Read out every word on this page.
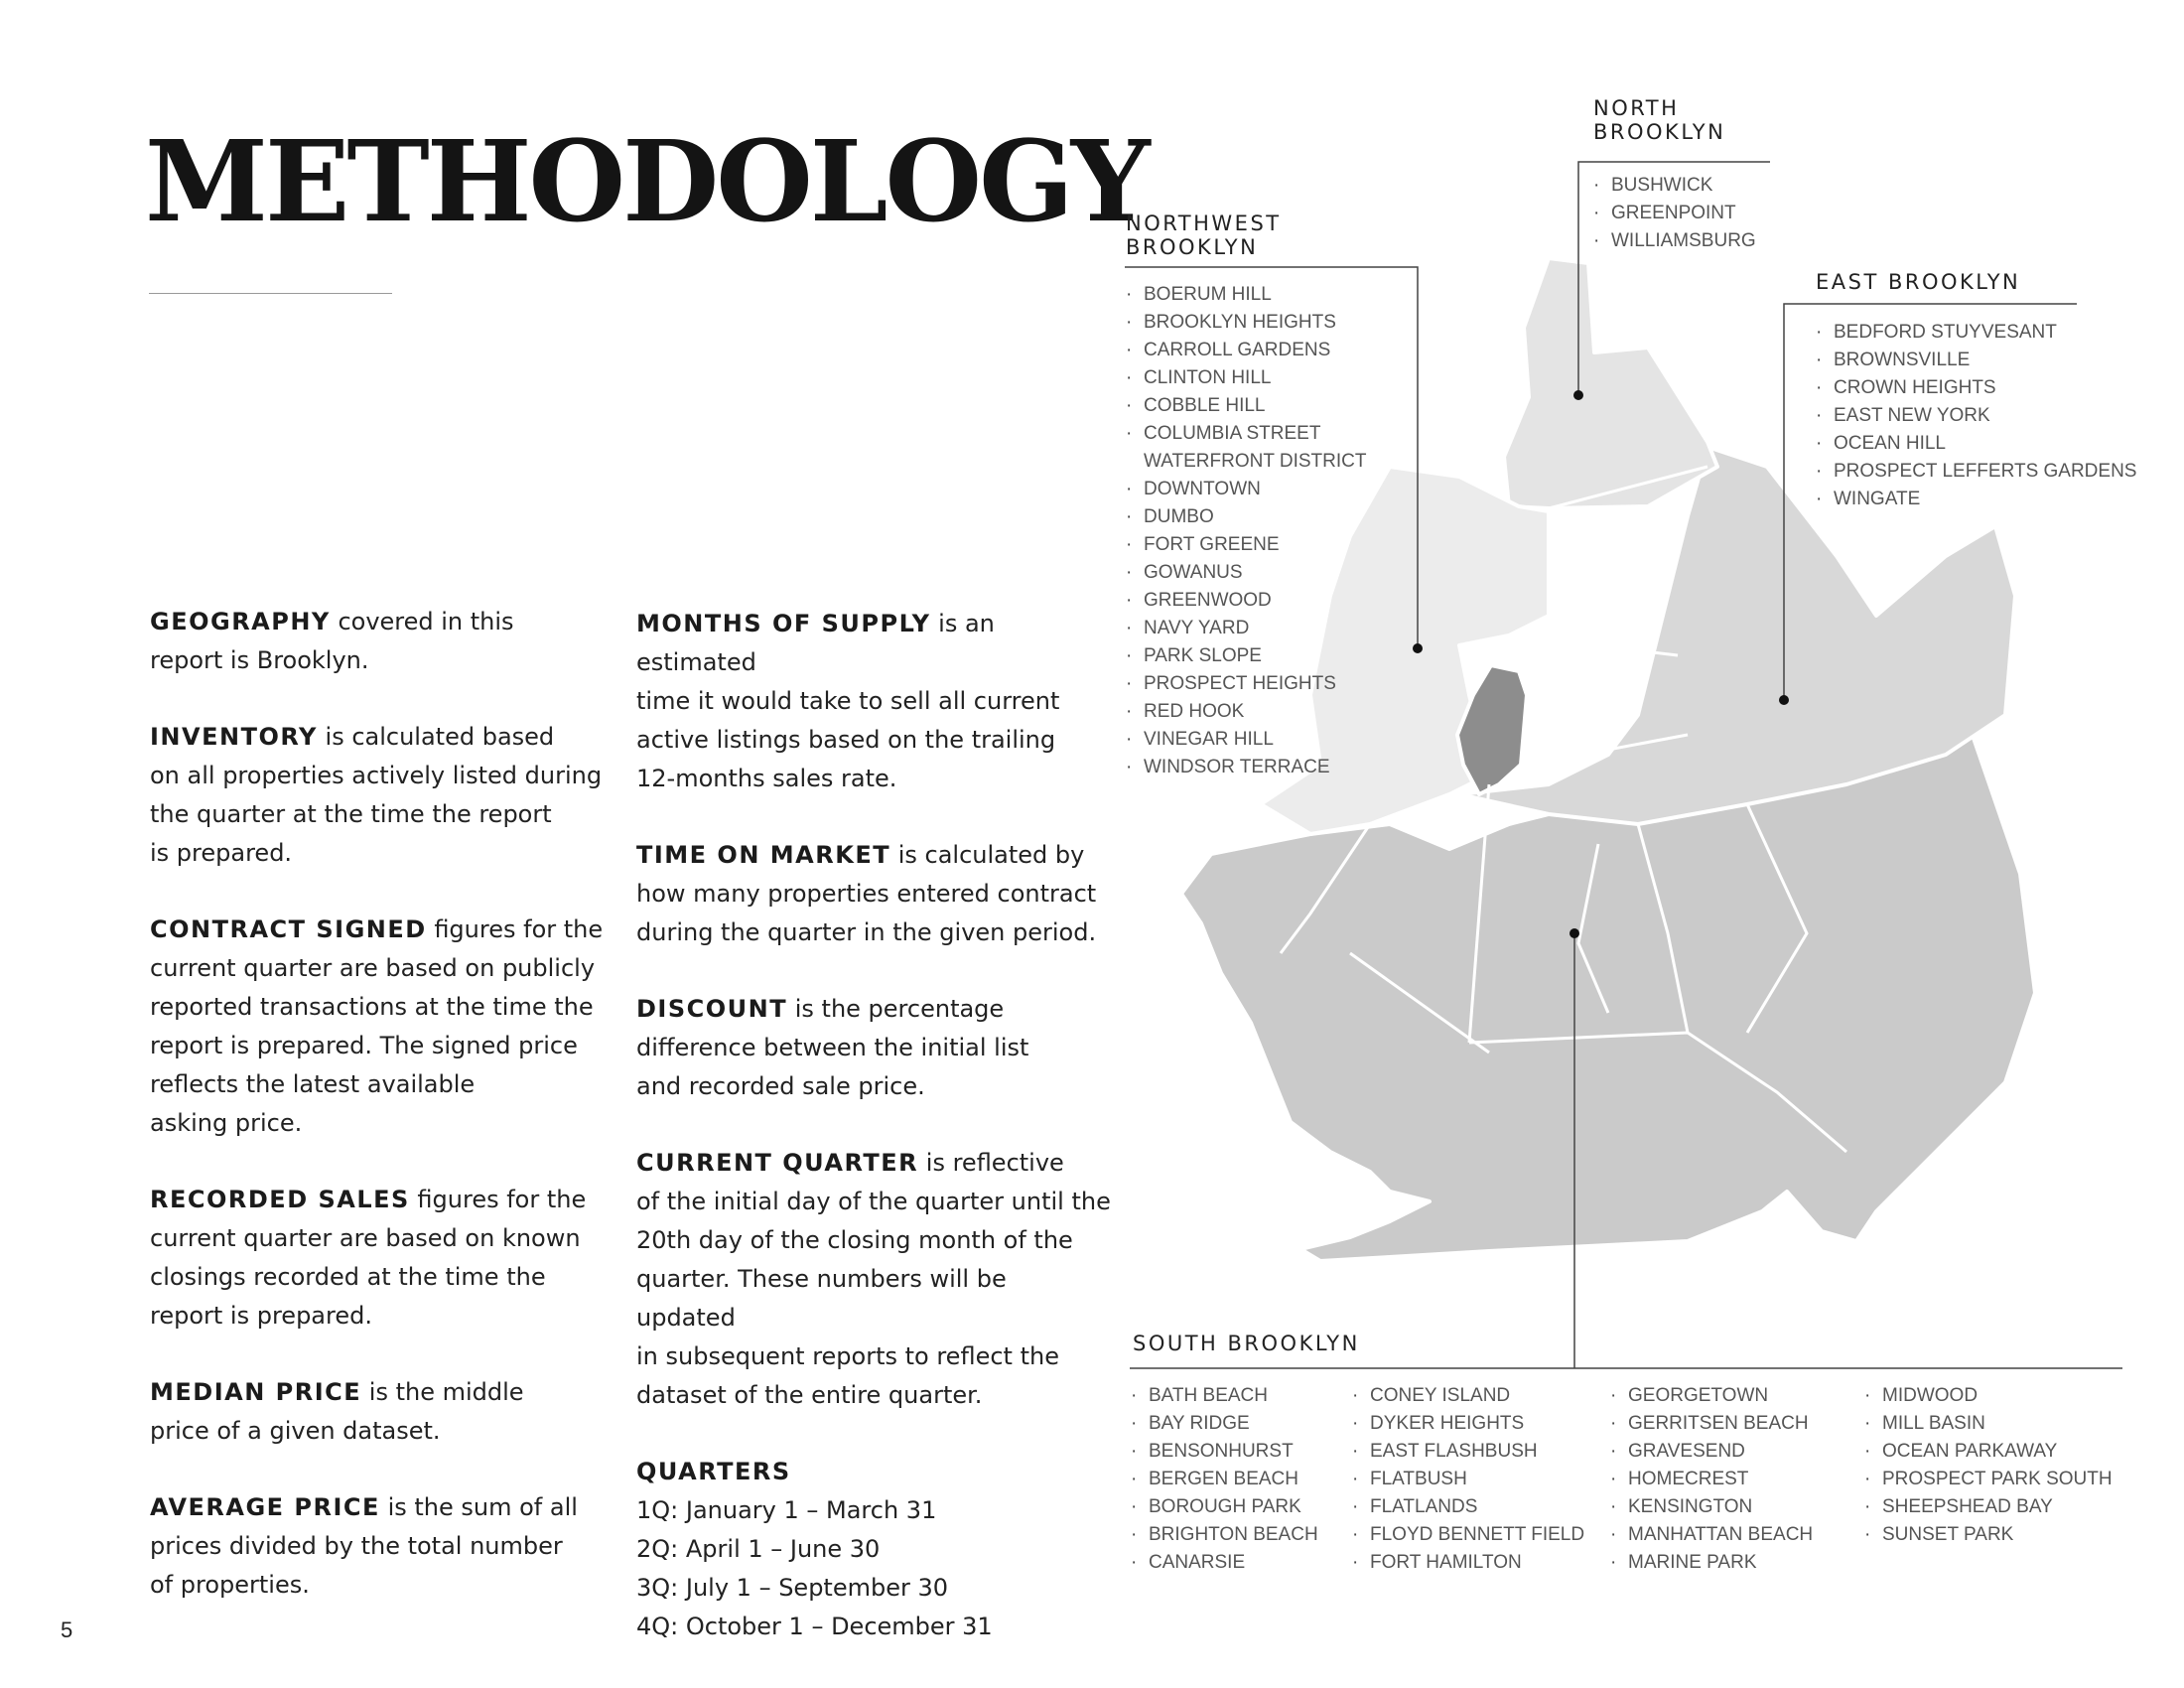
METHODOLOGY
GEOGRAPHY covered in this
report is Brooklyn.
INVENTORY is calculated based
on all properties actively listed during
the quarter at the time the report
is prepared.
CONTRACT SIGNED figures for the
current quarter are based on publicly
reported transactions at the time the
report is prepared. The signed price
reflects the latest available
asking price.
RECORDED SALES figures for the
current quarter are based on known
closings recorded at the time the
report is prepared.
MEDIAN PRICE is the middle
price of a given dataset.
AVERAGE PRICE is the sum of all
prices divided by the total number
of properties.
MONTHS OF SUPPLY is an estimated
time it would take to sell all current
active listings based on the trailing
12-months sales rate.
TIME ON MARKET is calculated by
how many properties entered contract
during the quarter in the given period.
DISCOUNT is the percentage
difference between the initial list
and recorded sale price.
CURRENT QUARTER is reflective
of the initial day of the quarter until the
20th day of the closing month of the
quarter. These numbers will be updated
in subsequent reports to reflect the
dataset of the entire quarter.
QUARTERS
1Q: January 1 – March 31
2Q: April 1 – June 30
3Q: July 1 – September 30
4Q: October 1 – December 31
NORTH
BROOKLYN
NORTHWEST
BROOKLYN
EAST BROOKLYN
SOUTH BROOKLYN
· BUSHWICK
· GREENPOINT
· WILLIAMSBURG
· BOERUM HILL
· BROOKLYN HEIGHTS
· CARROLL GARDENS
· CLINTON HILL
· COBBLE HILL
· COLUMBIA STREET
WATERFRONT DISTRICT
· DOWNTOWN
· DUMBO
· FORT GREENE
· GOWANUS
· GREENWOOD
· NAVY YARD
· PARK SLOPE
· PROSPECT HEIGHTS
· RED HOOK
· VINEGAR HILL
· WINDSOR TERRACE
· BEDFORD STUYVESANT
· BROWNSVILLE
· CROWN HEIGHTS
· EAST NEW YORK
· OCEAN HILL
· PROSPECT LEFFERTS GARDENS
· WINGATE
· BATH BEACH
· BAY RIDGE
· BENSONHURST
· BERGEN BEACH
· BOROUGH PARK
· BRIGHTON BEACH
· CANARSIE
· CONEY ISLAND
· DYKER HEIGHTS
· EAST FLASHBUSH
· FLATBUSH
· FLATLANDS
· FLOYD BENNETT FIELD
· FORT HAMILTON
· GEORGETOWN
· GERRITSEN BEACH
· GRAVESEND
· HOMECREST
· KENSINGTON
· MANHATTAN BEACH
· MARINE PARK
· MIDWOOD
· MILL BASIN
· OCEAN PARKAWAY
· PROSPECT PARK SOUTH
· SHEEPSHEAD BAY
· SUNSET PARK
5
